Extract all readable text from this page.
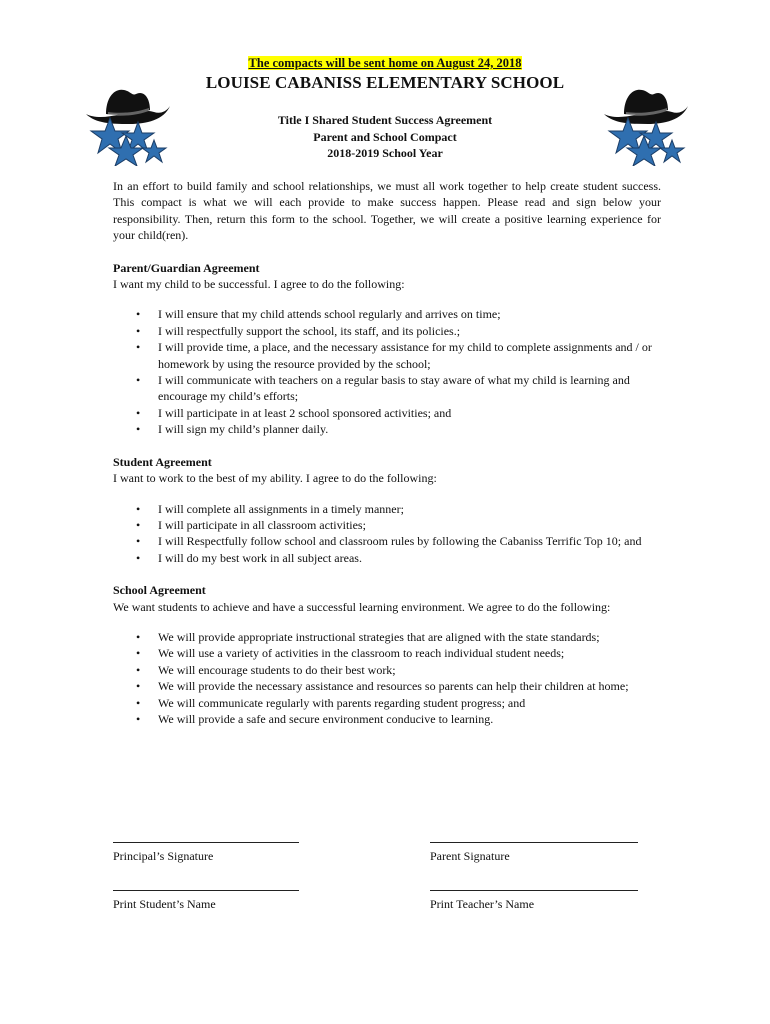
The compacts will be sent home on August 24, 2018
LOUISE CABANISS ELEMENTARY SCHOOL
Title I Shared Student Success Agreement
Parent and School Compact
2018-2019 School Year

In an effort to build family and school relationships, we must all work together to help create student success. This compact is what we will each provide to make success happen. Please read and sign below your responsibility. Then, return this form to the school. Together, we will create a positive learning experience for your child(ren).

Parent/Guardian Agreement
I want my child to be successful. I agree to do the following:
• I will ensure that my child attends school regularly and arrives on time;
• I will respectfully support the school, its staff, and its policies.;
• I will provide time, a place, and the necessary assistance for my child to complete assignments and / or homework by using the resource provided by the school;
• I will communicate with teachers on a regular basis to stay aware of what my child is learning and encourage my child’s efforts;
• I will participate in at least 2 school sponsored activities; and
• I will sign my child’s planner daily.
Student Agreement
I want to work to the best of my ability. I agree to do the following:
• I will complete all assignments in a timely manner;
• I will participate in all classroom activities;
• I will Respectfully follow school and classroom rules by following the Cabaniss Terrific Top 10; and
• I will do my best work in all subject areas.
School Agreement
We want students to achieve and have a successful learning environment. We agree to do the following:
• We will provide appropriate instructional strategies that are aligned with the state standards;
• We will use a variety of activities in the classroom to reach individual student needs;
• We will encourage students to do their best work;
• We will provide the necessary assistance and resources so parents can help their children at home;
• We will communicate regularly with parents regarding student progress; and
• We will provide a safe and secure environment conducive to learning.
Principal’s Signature	Parent Signature
Print Student’s Name	Print Teacher’s Name
